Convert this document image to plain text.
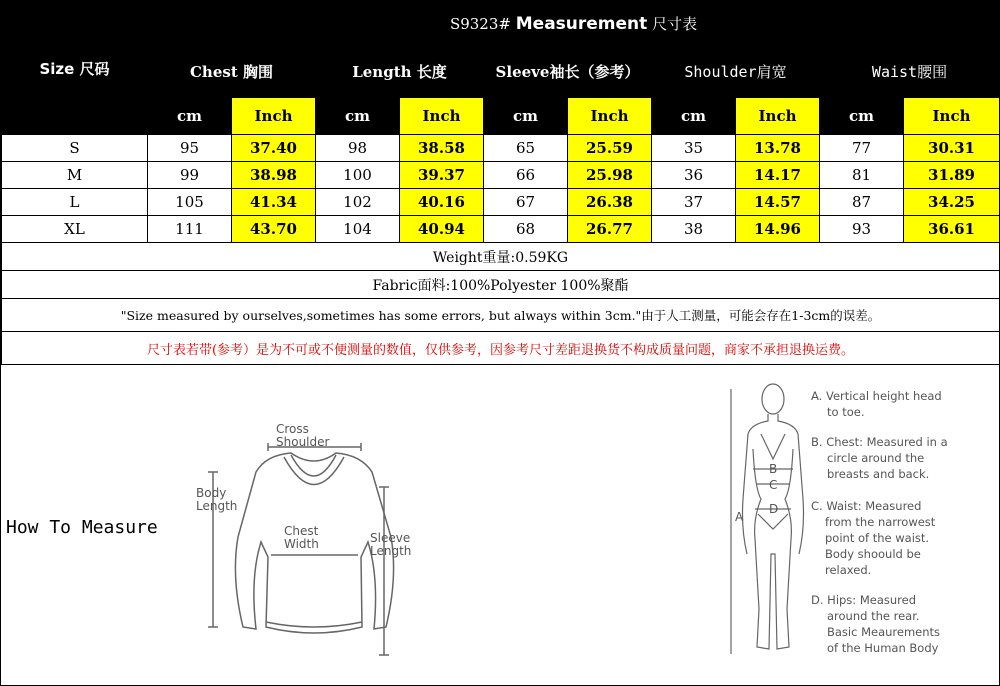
Size 尺码	S9323# Measurement 尺寸表									
	Chest 胸围		Length 长度		Sleeve袖长（参考）		Shoulder肩宽		Waist腰围	
	cm	Inch	cm	Inch	cm	Inch	cm	Inch	cm	Inch
S	95	37.40	98	38.58	65	25.59	35	13.78	77	30.31
M	99	38.98	100	39.37	66	25.98	36	14.17	81	31.89
L	105	41.34	102	40.16	67	26.38	37	14.57	87	34.25
XL	111	43.70	104	40.94	68	26.77	38	14.96	93	36.61
Weight重量:0.59KG										
Fabric面料:100%Polyester 100%聚酯										
"Size measured by ourselves,sometimes has some errors, but always within 3cm."由于人工测量，可能会存在1-3cm的误差。										
尺寸表若带(参考）是为不可或不便测量的数值，仅供参考，因参考尺寸差距退换货不构成质量问题，商家不承担退换运费。										
How To Measure
Cross
Shoulder
Body
Length
Chest
Width	Sleeve
Length
A
B
C
D
A. Vertical height head to toe.
B. Chest: Measured in a circle around the breasts and back.
C. Waist: Measured from the narrowest point of the waist. Body shoould be relaxed.
D. Hips: Measured around the rear. Basic Meaurements of the Human Body
